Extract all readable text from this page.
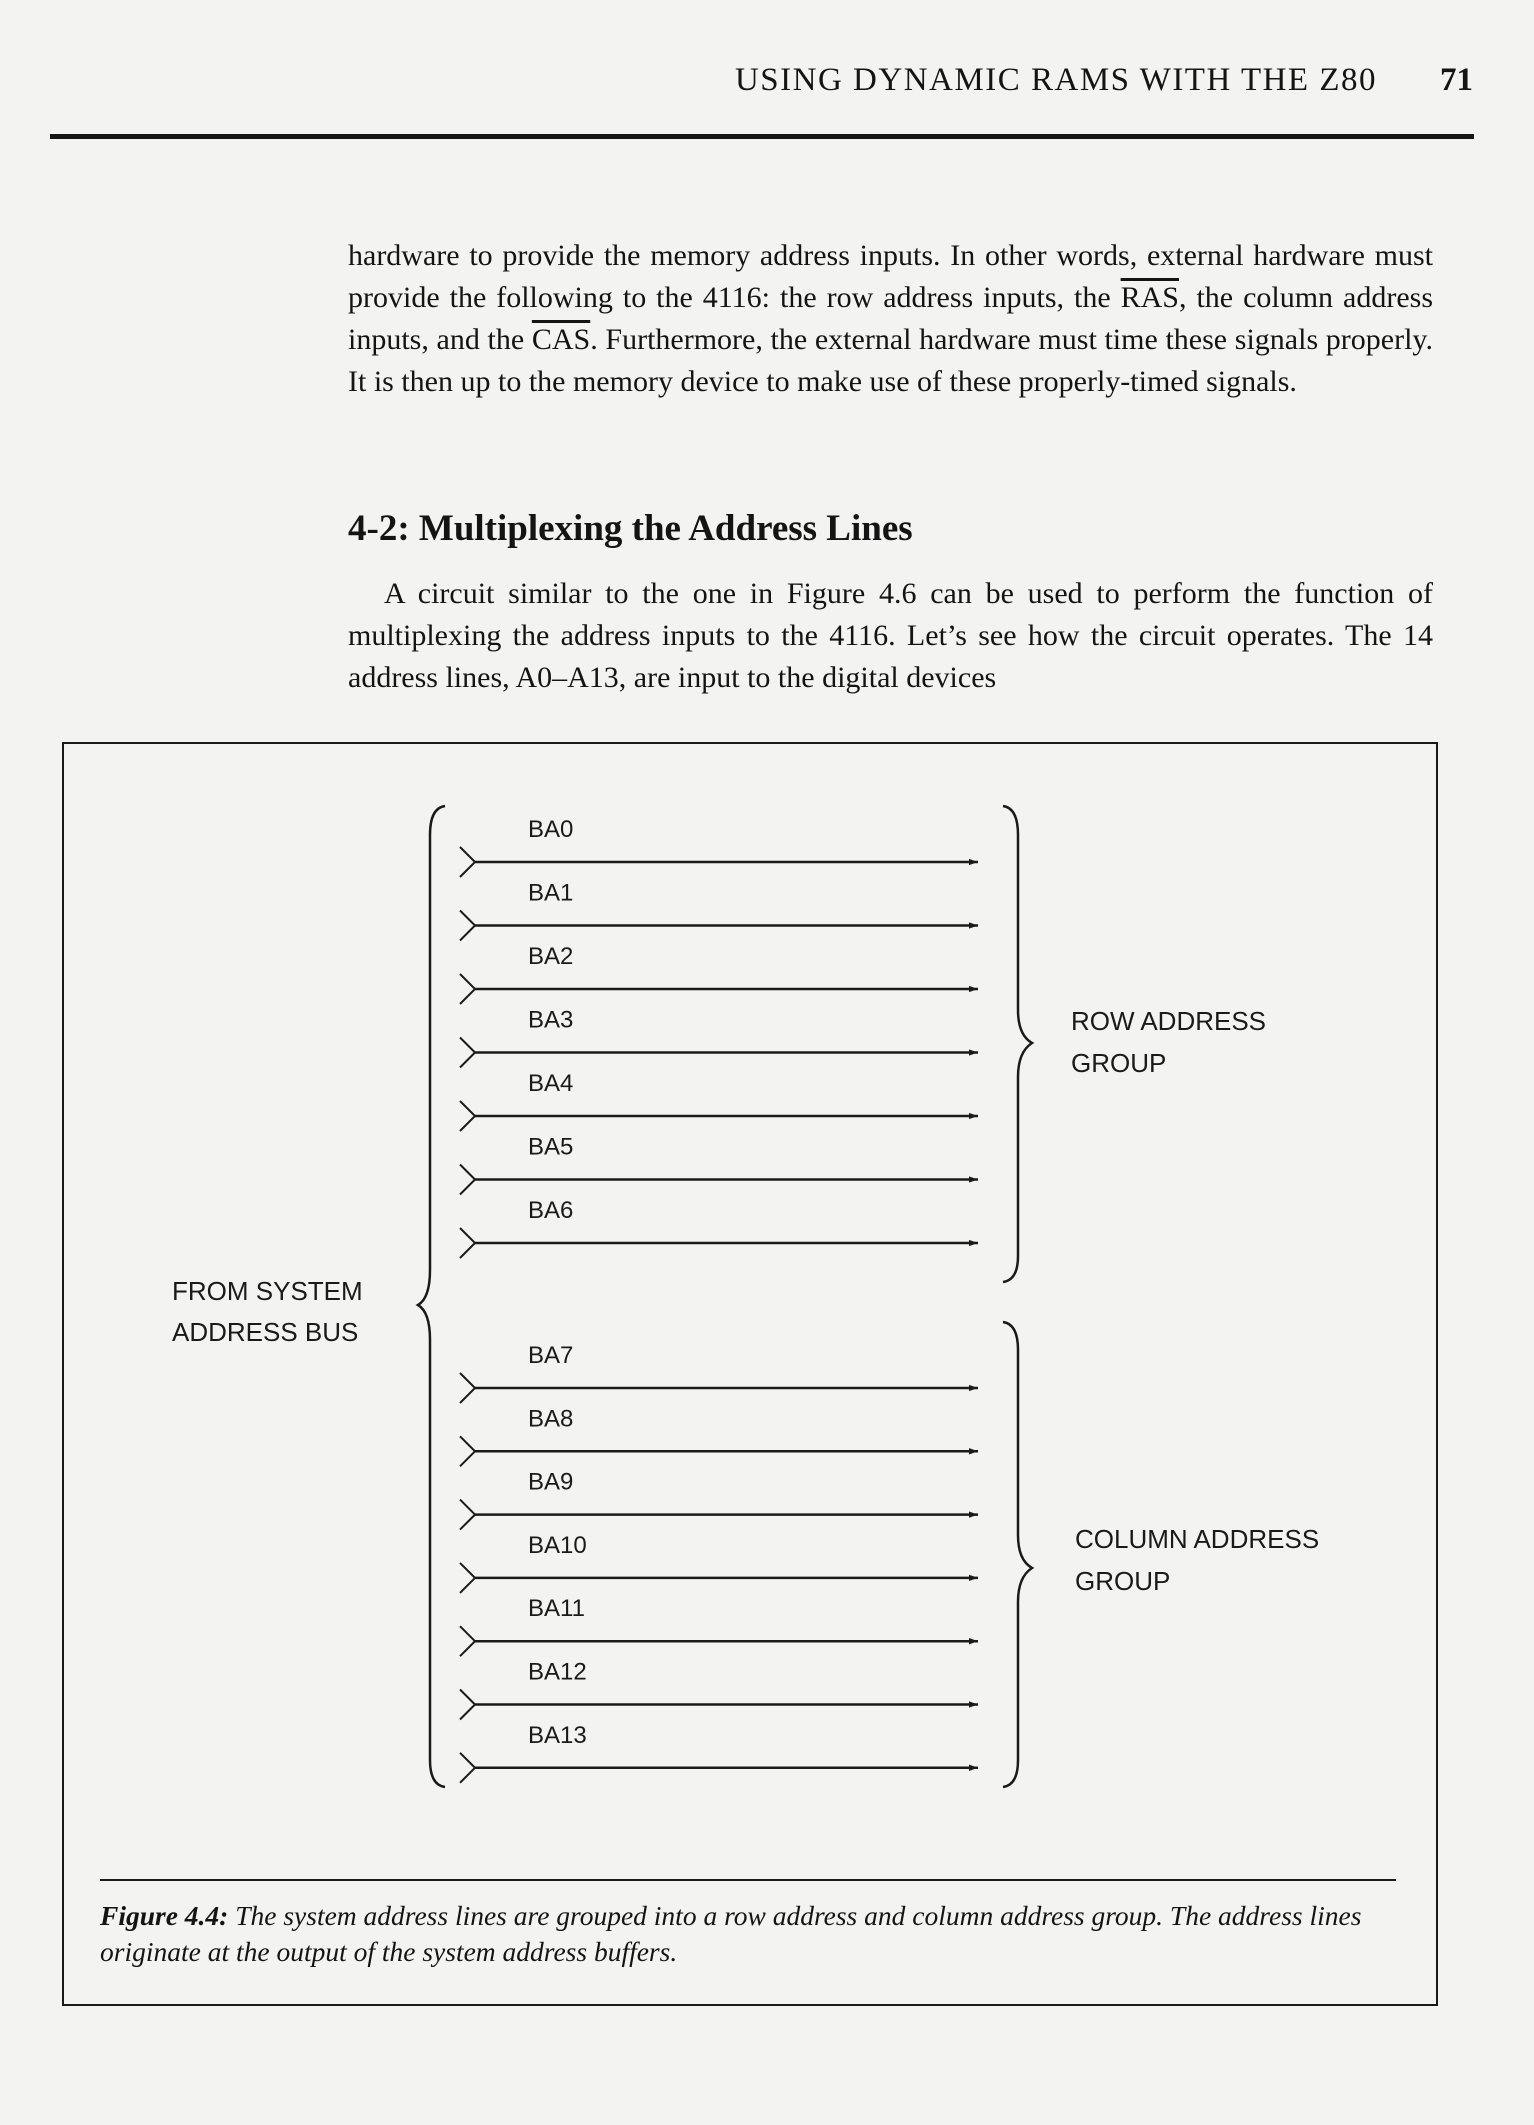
USING DYNAMIC RAMS WITH THE Z80 71

hardware to provide the memory address inputs. In other words, external hardware must provide the following to the 4116: the row address inputs, the $\overline{RAS}$, the column address inputs, and the $\overline{CAS}$. Furthermore, the external hardware must time these signals properly. It is then up to the memory device to make use of these properly-timed signals.

4-2: Multiplexing the Address Lines

A circuit similar to the one in Figure 4.6 can be used to perform the function of multiplexing the address inputs to the 4116. Let’s see how the circuit operates. The 14 address lines, A0–A13, are input to the digital devices

BA0
BA1
BA2
BA3
BA4
BA5
BA6
BA7
BA8
BA9
BA10
BA11
BA12
BA13
FROM SYSTEM
ADDRESS BUS
ROW ADDRESS
GROUP
COLUMN ADDRESS
GROUP

Figure 4.4: The system address lines are grouped into a row address and column address group. The address lines originate at the output of the system address buffers.
